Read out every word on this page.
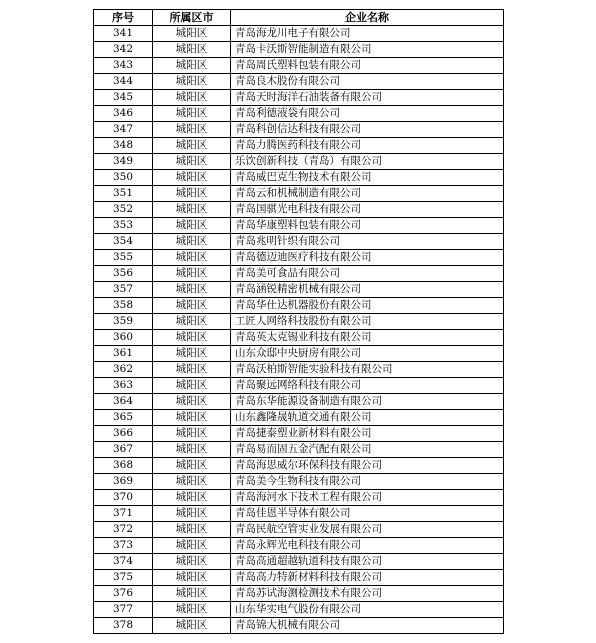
序号	所属区市	企业名称
341	城阳区	青岛海龙川电子有限公司
342	城阳区	青岛卡沃斯智能制造有限公司
343	城阳区	青岛周氏塑料包装有限公司
344	城阳区	青岛良木股份有限公司
345	城阳区	青岛天时海洋石油装备有限公司
346	城阳区	青岛利德液袋有限公司
347	城阳区	青岛科创信达科技有限公司
348	城阳区	青岛力腾医药科技有限公司
349	城阳区	乐饮创新科技（青岛）有限公司
350	城阳区	青岛威巴克生物技术有限公司
351	城阳区	青岛云和机械制造有限公司
352	城阳区	青岛国骐光电科技有限公司
353	城阳区	青岛华康塑料包装有限公司
354	城阳区	青岛兆明针织有限公司
355	城阳区	青岛德迈迪医疗科技有限公司
356	城阳区	青岛美可食品有限公司
357	城阳区	青岛涵锐精密机械有限公司
358	城阳区	青岛华仕达机器股份有限公司
359	城阳区	工匠人网络科技股份有限公司
360	城阳区	青岛英太克锡业科技有限公司
361	城阳区	山东众邸中央厨房有限公司
362	城阳区	青岛沃柏斯智能实验科技有限公司
363	城阳区	青岛聚远网络科技有限公司
364	城阳区	青岛东华能源设备制造有限公司
365	城阳区	山东鑫隆晟轨道交通有限公司
366	城阳区	青岛捷泰塑业新材料有限公司
367	城阳区	青岛易而固五金汽配有限公司
368	城阳区	青岛海思威尔环保科技有限公司
369	城阳区	青岛美今生物科技有限公司
370	城阳区	青岛海河水下技术工程有限公司
371	城阳区	青岛佳恩半导体有限公司
372	城阳区	青岛民航空管实业发展有限公司
373	城阳区	青岛永辉光电科技有限公司
374	城阳区	青岛高通超越轨道科技有限公司
375	城阳区	青岛高力特新材料科技有限公司
376	城阳区	青岛苏试海测检测技术有限公司
377	城阳区	山东华实电气股份有限公司
378	城阳区	青岛锦大机械有限公司
